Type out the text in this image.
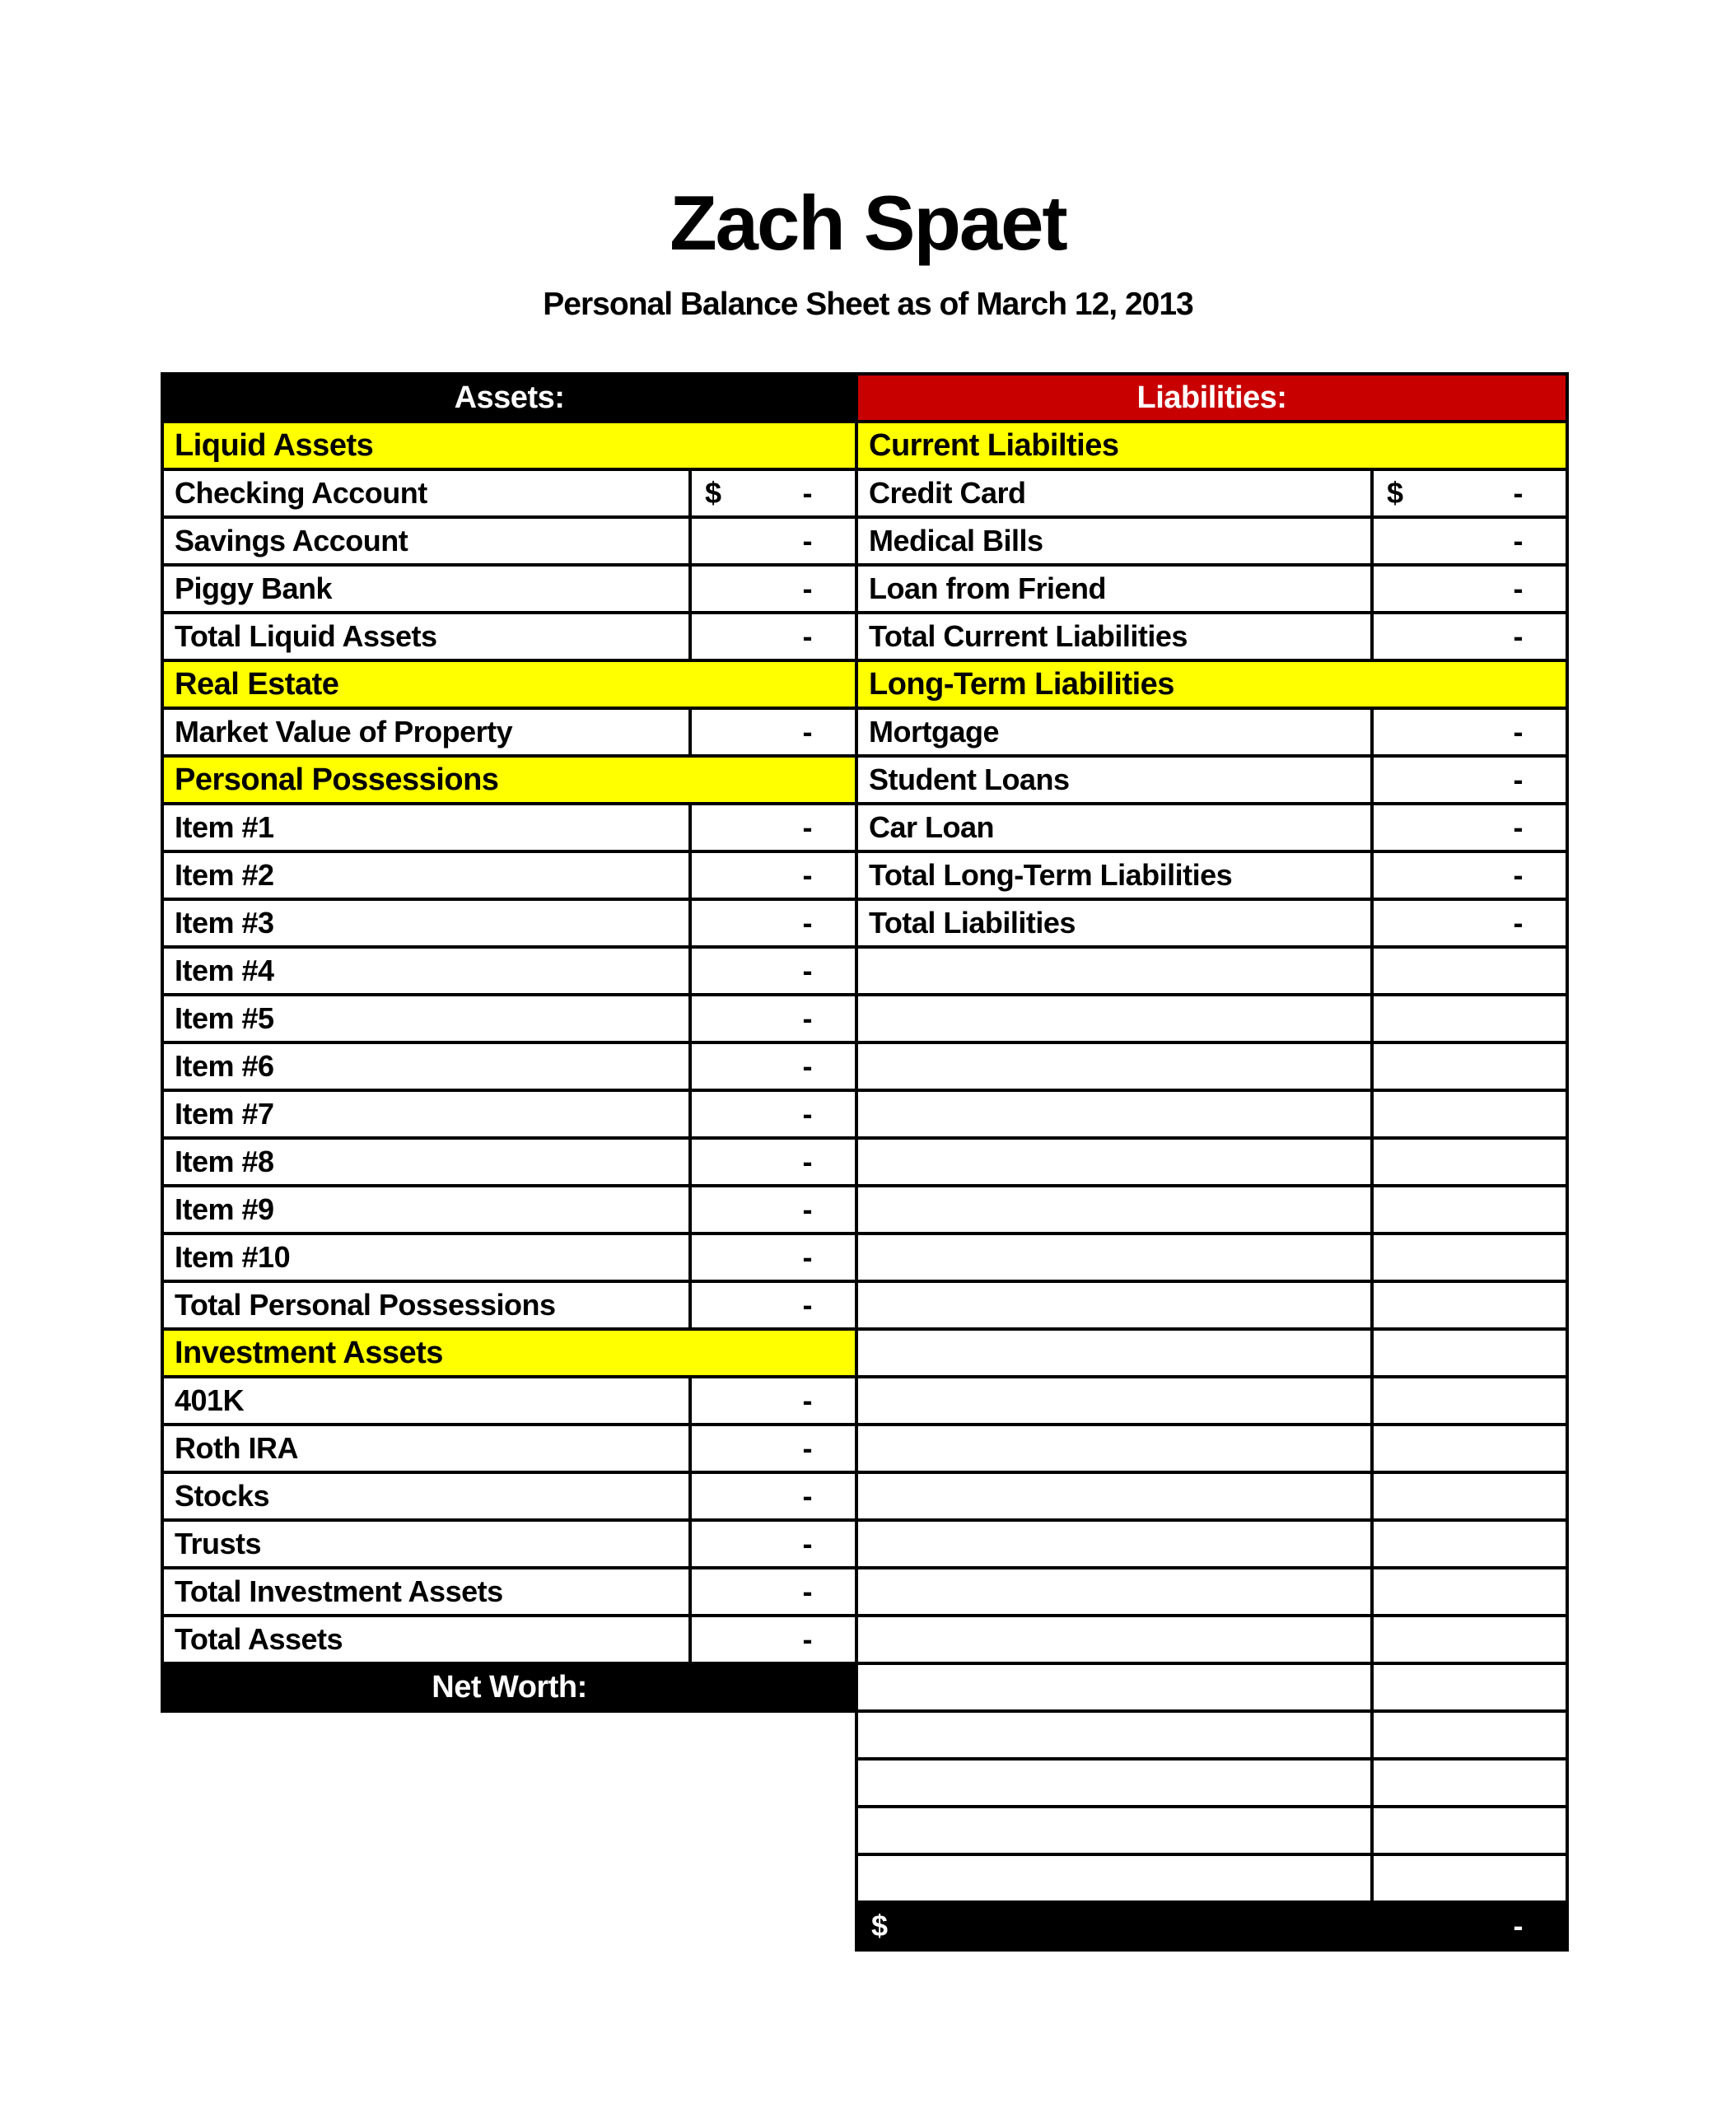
Zach Spaet
Personal Balance Sheet as of March 12, 2013
Assets:
Liquid Assets
Checking Account	$	-
Savings Account	-
Piggy Bank	-
Total Liquid Assets	-
Real Estate
Market Value of Property	-
Personal Possessions
Item #1	-
Item #2	-
Item #3	-
Item #4	-
Item #5	-
Item #6	-
Item #7	-
Item #8	-
Item #9	-
Item #10	-
Total Personal Possessions	-
Investment Assets
401K	-
Roth IRA	-
Stocks	-
Trusts	-
Total Investment Assets	-
Total Assets	-
Net Worth:
Liabilities:
Current Liabilties
Credit Card	$	-
Medical Bills	-
Loan from Friend	-
Total Current Liabilities	-
Long-Term Liabilities
Mortgage	-
Student Loans	-
Car Loan	-
Total Long-Term Liabilities	-
Total Liabilities	-
$	-
